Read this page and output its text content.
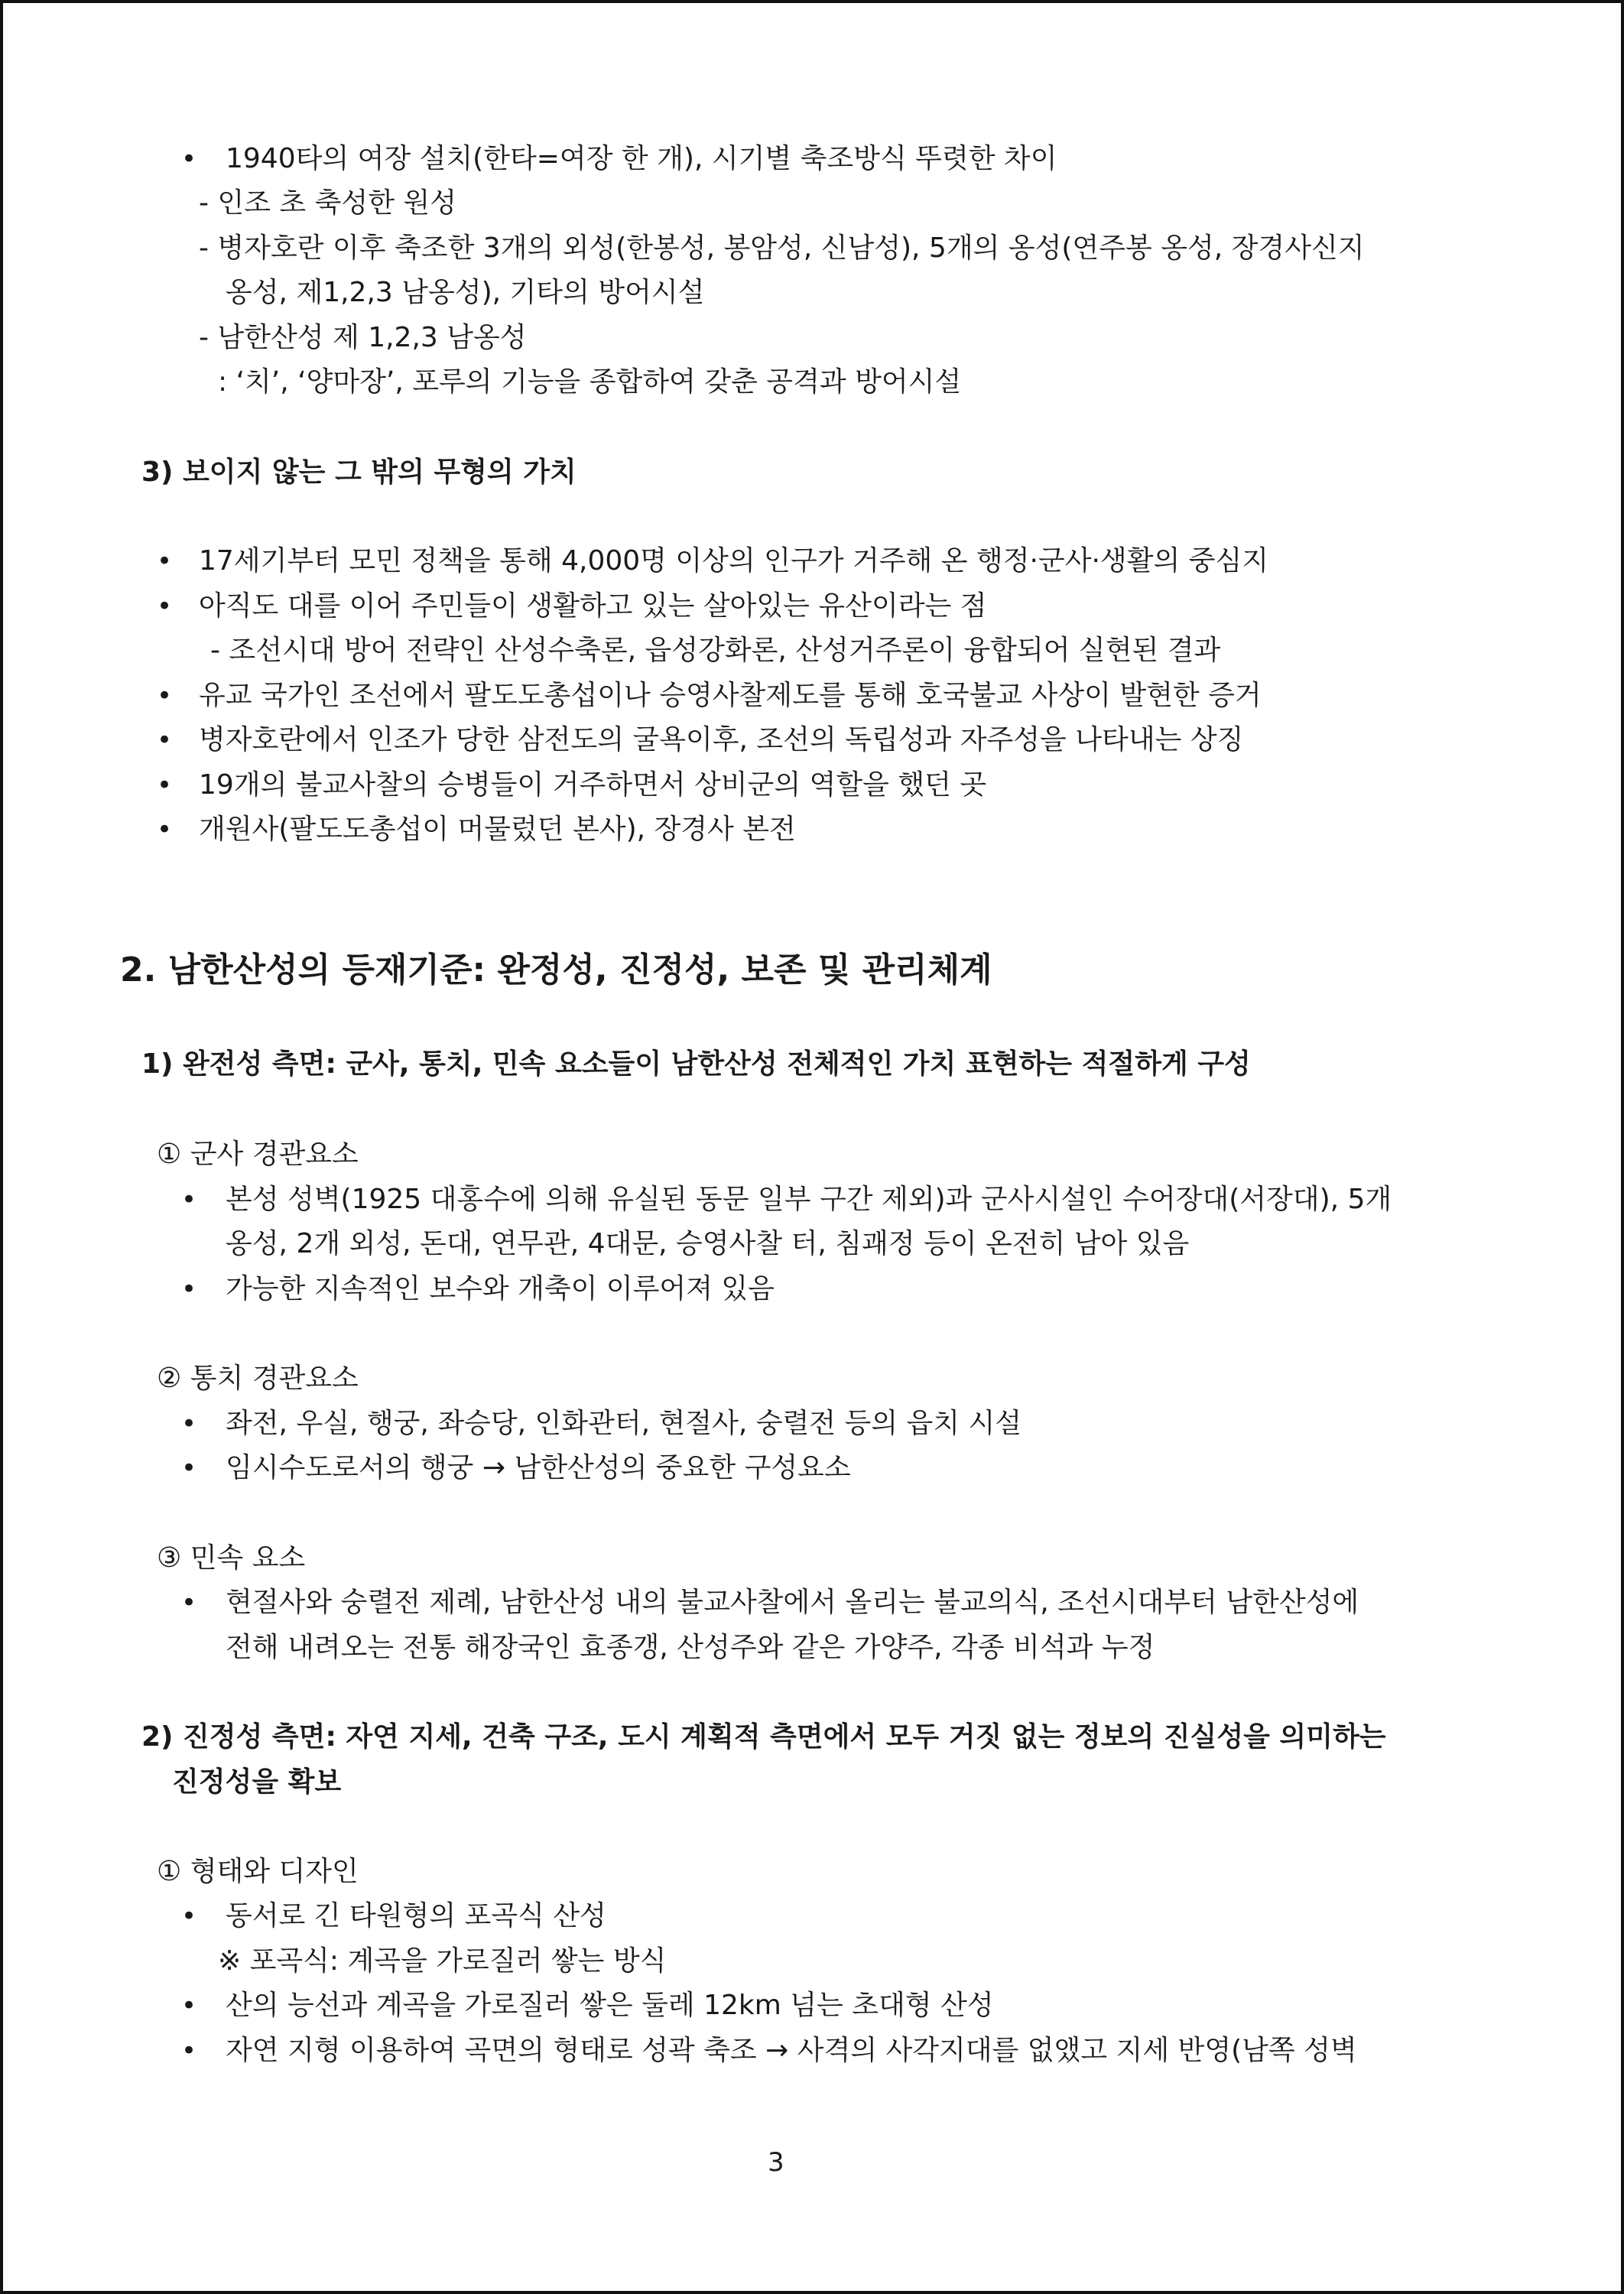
• 1940타의 여장 설치(한타=여장 한 개), 시기별 축조방식 뚜렷한 차이
- 인조 초 축성한 원성
- 병자호란 이후 축조한 3개의 외성(한봉성, 봉암성, 신남성), 5개의 옹성(연주봉 옹성, 장경사신지
옹성, 제1,2,3 남옹성), 기타의 방어시설
- 남한산성 제 1,2,3 남옹성
: ‘치’, ‘양마장’, 포루의 기능을 종합하여 갖춘 공격과 방어시설
3) 보이지 않는 그 밖의 무형의 가치
• 17세기부터 모민 정책을 통해 4,000명 이상의 인구가 거주해 온 행정·군사·생활의 중심지
• 아직도 대를 이어 주민들이 생활하고 있는 살아있는 유산이라는 점
- 조선시대 방어 전략인 산성수축론, 읍성강화론, 산성거주론이 융합되어 실현된 결과
• 유교 국가인 조선에서 팔도도총섭이나 승영사찰제도를 통해 호국불교 사상이 발현한 증거
• 병자호란에서 인조가 당한 삼전도의 굴욕이후, 조선의 독립성과 자주성을 나타내는 상징
• 19개의 불교사찰의 승병들이 거주하면서 상비군의 역할을 했던 곳
• 개원사(팔도도총섭이 머물렀던 본사), 장경사 본전
2. 남한산성의 등재기준: 완정성, 진정성, 보존 및 관리체계
1) 완전성 측면: 군사, 통치, 민속 요소들이 남한산성 전체적인 가치 표현하는 적절하게 구성
① 군사 경관요소
• 본성 성벽(1925 대홍수에 의해 유실된 동문 일부 구간 제외)과 군사시설인 수어장대(서장대), 5개
옹성, 2개 외성, 돈대, 연무관, 4대문, 승영사찰 터, 침괘정 등이 온전히 남아 있음
• 가능한 지속적인 보수와 개축이 이루어져 있음
② 통치 경관요소
• 좌전, 우실, 행궁, 좌승당, 인화관터, 현절사, 숭렬전 등의 읍치 시설
• 임시수도로서의 행궁 → 남한산성의 중요한 구성요소
③ 민속 요소
• 현절사와 숭렬전 제례, 남한산성 내의 불교사찰에서 올리는 불교의식, 조선시대부터 남한산성에
전해 내려오는 전통 해장국인 효종갱, 산성주와 같은 가양주, 각종 비석과 누정
2) 진정성 측면: 자연 지세, 건축 구조, 도시 계획적 측면에서 모두 거짓 없는 정보의 진실성을 의미하는
진정성을 확보
① 형태와 디자인
• 동서로 긴 타원형의 포곡식 산성
※ 포곡식: 계곡을 가로질러 쌓는 방식
• 산의 능선과 계곡을 가로질러 쌓은 둘레 12km 넘는 초대형 산성
• 자연 지형 이용하여 곡면의 형태로 성곽 축조 → 사격의 사각지대를 없앴고 지세 반영(남쪽 성벽
3
